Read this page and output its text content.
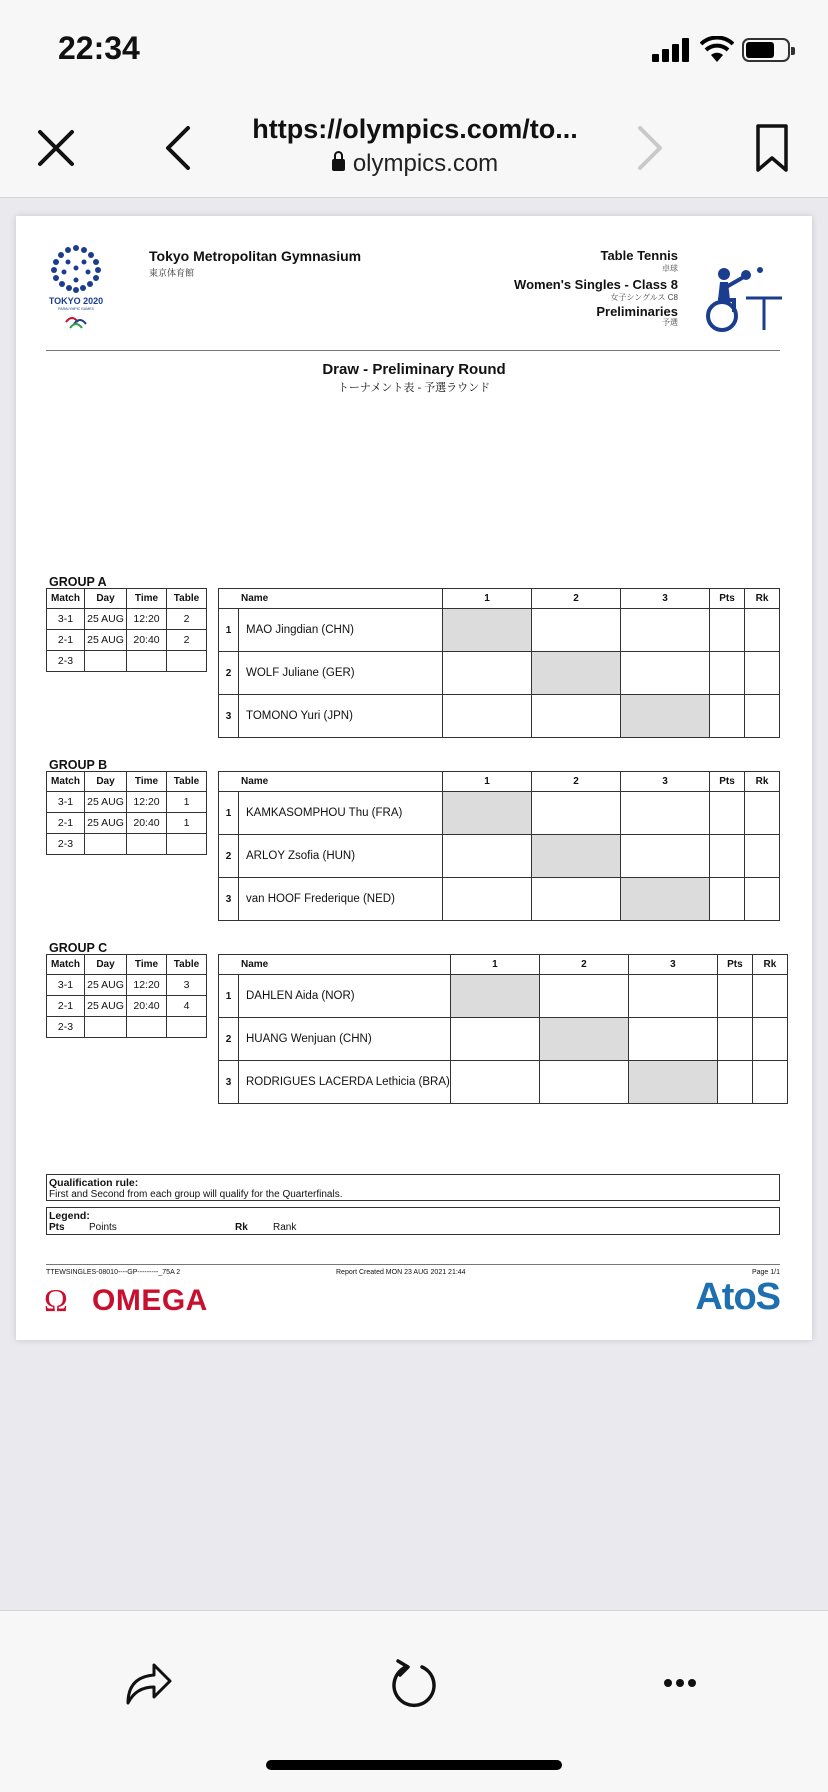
22:34
https://olympics.com/to...
olympics.com
TOKYO 2020
PARALYMPIC GAMES
Tokyo Metropolitan Gymnasium
東京体育館
Table Tennis
卓球
Women's Singles - Class 8
女子シングルス C8
Preliminaries
予選
Draw - Preliminary Round
トーナメント表 - 予選ラウンド
GROUP A
Match	Day	Time	Table
3-1	25 AUG	12:20	2
2-1	25 AUG	20:40	2
2-3			
Name		1	2	3	Pts	Rk
1	MAO Jingdian (CHN)					
2	WOLF Juliane (GER)					
3	TOMONO Yuri (JPN)					
GROUP B
Match	Day	Time	Table
3-1	25 AUG	12:20	1
2-1	25 AUG	20:40	1
2-3			
Name		1	2	3	Pts	Rk
1	KAMKASOMPHOU Thu (FRA)					
2	ARLOY Zsofia (HUN)					
3	van HOOF Frederique (NED)					
GROUP C
Match	Day	Time	Table
3-1	25 AUG	12:20	3
2-1	25 AUG	20:40	4
2-3			
Name		1	2	3	Pts	Rk
1	DAHLEN Aida (NOR)					
2	HUANG Wenjuan (CHN)					
3	RODRIGUES LACERDA Lethicia (BRA)					
Qualification rule:
First and Second from each group will qualify for the Quarterfinals.
Legend:
Pts Points	Rk	Rank
TTEWSINGLES-08010----GP---------_75A 2	Report Created MON 23 AUG 2021 21:44	Page 1/1
Ω OMEGA	AtoS
